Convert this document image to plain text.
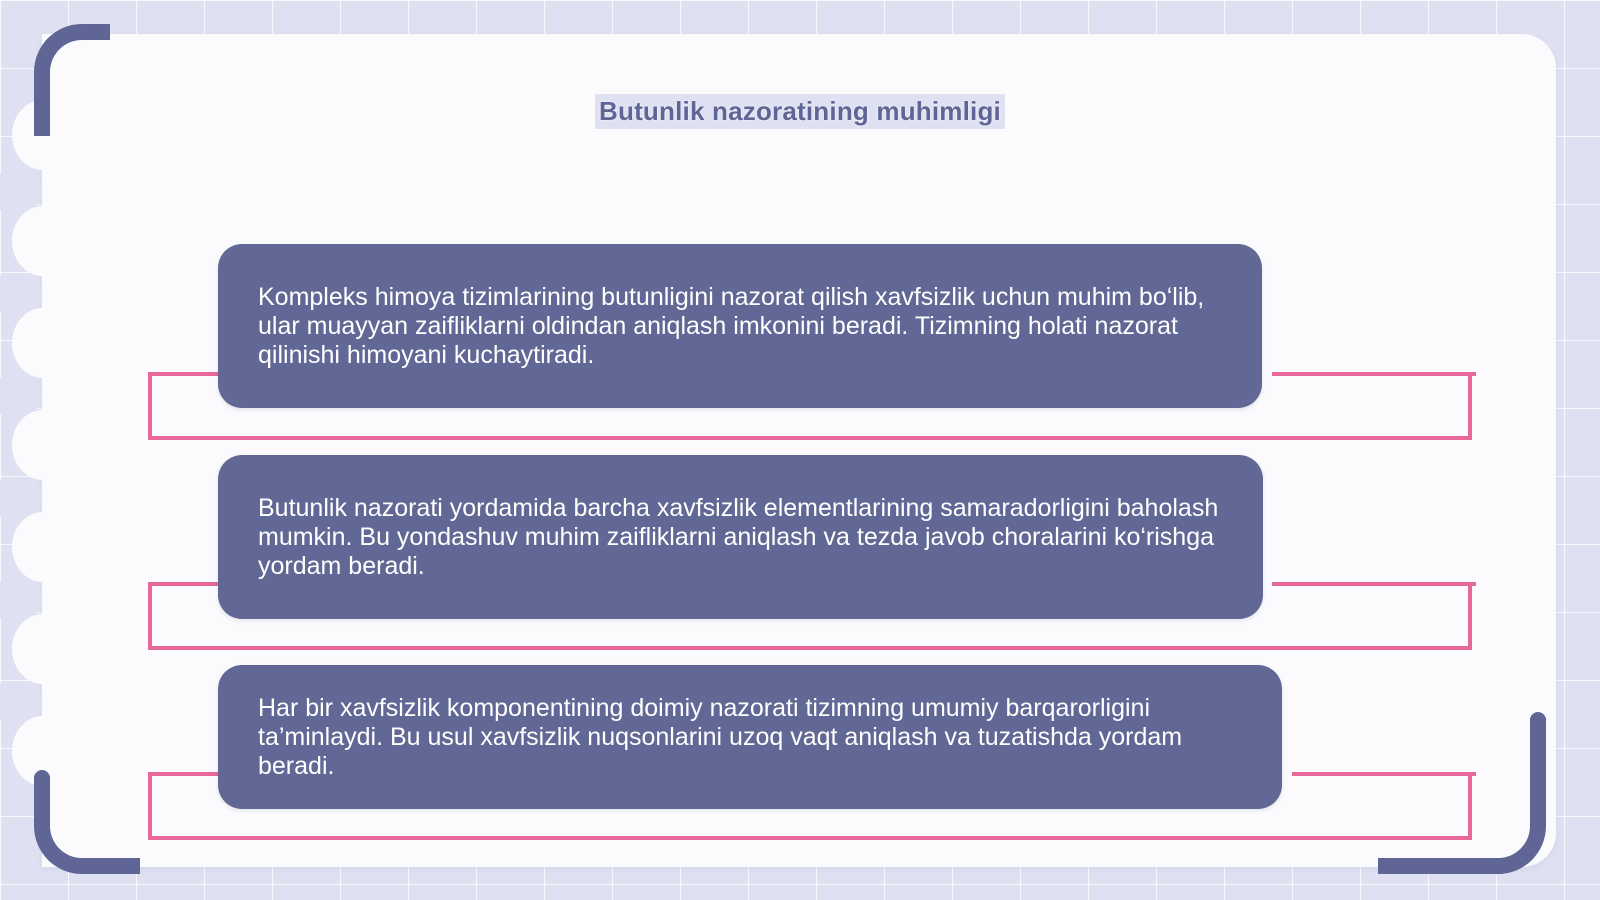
Butunlik nazoratining muhimligi

Kompleks himoya tizimlarining butunligini nazorat qilish xavfsizlik uchun muhim bo‘lib, ular muayyan zaifliklarni oldindan aniqlash imkonini beradi. Tizimning holati nazorat qilinishi himoyani kuchaytiradi.

Butunlik nazorati yordamida barcha xavfsizlik elementlarining samaradorligini baholash mumkin. Bu yondashuv muhim zaifliklarni aniqlash va tezda javob choralarini ko‘rishga yordam beradi.

Har bir xavfsizlik komponentining doimiy nazorati tizimning umumiy barqarorligini ta’minlaydi. Bu usul xavfsizlik nuqsonlarini uzoq vaqt aniqlash va tuzatishda yordam beradi.
